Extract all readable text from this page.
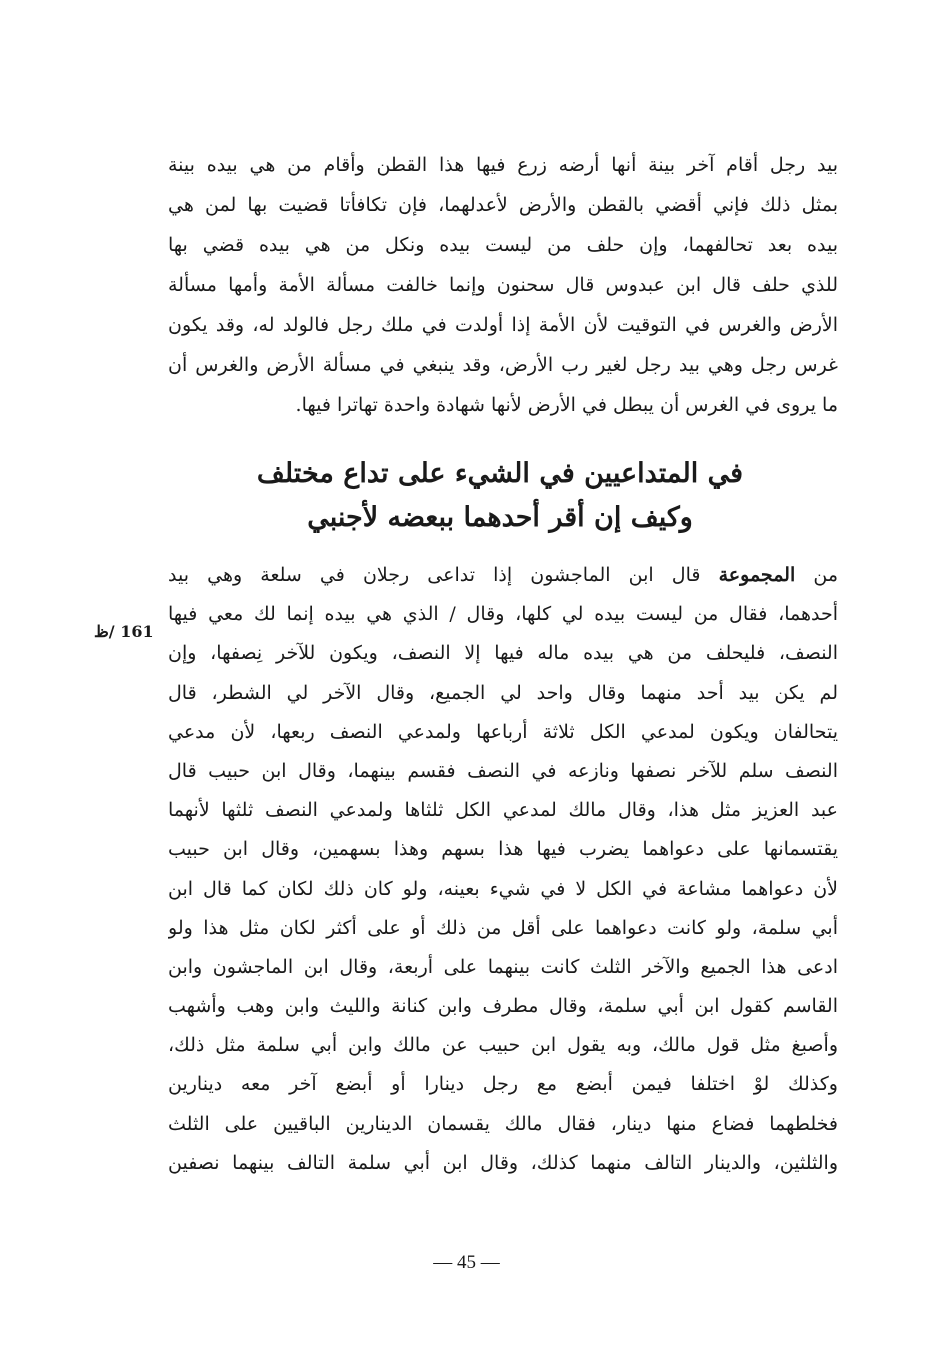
بيد رجل أقام آخر بينة أنها أرضه زرع فيها هذا القطن وأقام من هي بيده بينة
بمثل ذلك فإني أقضي بالقطن والأرض لأعدلهما، فإن تكافأتا قضيت بها لمن هي
بيده بعد تحالفهما، وإن حلف من ليست بيده ونكل من هي بيده قضي بها
للذي حلف قال ابن عبدوس قال سحنون وإنما خالفت مسألة الأمة وأمها مسألة
الأرض والغرس في التوقيت لأن الأمة إذا أولدت في ملك رجل فالولد له، وقد يكون
غرس رجل وهي بيد رجل لغير رب الأرض، وقد ينبغي في مسألة الأرض والغرس أن
ما يروى في الغرس أن يبطل في الأرض لأنها شهادة واحدة تهاترا فيها.
في المتداعيين في الشيء على تداع مختلف
وكيف إن أقر أحدهما ببعضه لأجنبي
من المجموعة قال ابن الماجشون إذا تداعى رجلان في سلعة وهي بيد
أحدهما، فقال من ليست بيده لي كلها، وقال / الذي هي بيده إنما لك معي فيها
النصف، فليحلف من هي بيده ماله فيها إلا النصف، ويكون للآخر نِصفها، وإن
لم يكن بيد أحد منهما وقال واحد لي الجميع، وقال الآخر لي الشطر، قال
يتحالفان ويكون لمدعي الكل ثلاثة أرباعها ولمدعي النصف ربعها، لأن مدعي
النصف سلم للآخر نصفها ونازعه في النصف فقسم بينهما، وقال ابن حبيب قال
عبد العزيز مثل هذا، وقال مالك لمدعي الكل ثلثاها ولمدعي النصف ثلثها لأنهما
يقتسمانها على دعواهما يضرب فيها هذا بسهم وهذا بسهمين، وقال ابن حبيب
لأن دعواهما مشاعة في الكل لا في شيء بعينه، ولو كان ذلك لكان كما قال ابن
أبي سلمة، ولو كانت دعواهما على أقل من ذلك أو على أكثر لكان مثل هذا ولو
ادعى هذا الجميع والآخر الثلث كانت بينهما على أربعة، وقال ابن الماجشون وابن
القاسم كقول ابن أبي سلمة، وقال مطرف وابن كنانة والليث وابن وهب وأشهب
وأصبغ مثل قول مالك، وبه يقول ابن حبيب عن مالك وابن أبي سلمة مثل ذلك،
وكذلك لوْ اختلفا فيمن أبضع مع رجل دينارا أو أبضع آخر معه دينارين
فخلطهما فضاع منها دينار، فقال مالك يقسمان الدينارين الباقيين على الثلث
والثلثين، والدينار التالف منهما كذلك، وقال ابن أبي سلمة التالف بينهما نصفين
161 /ظ
— 45 —
